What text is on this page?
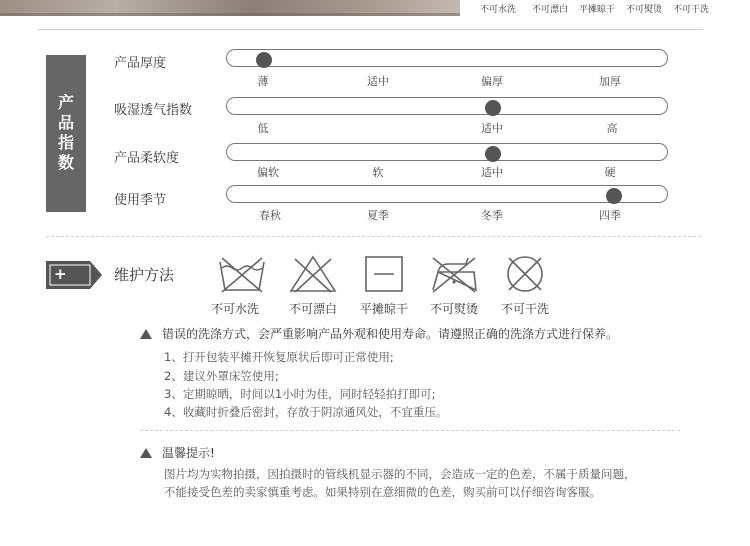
不可水洗 不可漂白 平摊晾干 不可熨烫 不可干洗
产
品
指
数
产品厚度
薄	适中	偏厚	加厚
吸湿透气指数
低	适中	高
产品柔软度
偏软	软	适中	硬
使用季节
春秋	夏季	冬季	四季
+	维护方法
不可水洗 不可漂白 平摊晾干 不可熨烫 不可干洗
错误的洗涤方式，会严重影响产品外观和使用寿命。请遵照正确的洗涤方式进行保养。
1、打开包装平摊开恢复原状后即可正常使用;
2、建议外罩床笠使用;
3、定期晾晒，时间以1小时为佳，同时轻轻拍打即可;
4、收藏时折叠后密封，存放于阴凉通风处，不宜重压。
温馨提示!
图片均为实物拍摄，因拍摄时的管线机显示器的不同，会造成一定的色差，不属于质量问题，
不能接受色差的卖家慎重考虑。如果特别在意细微的色差，购买前可以仔细咨询客服。
